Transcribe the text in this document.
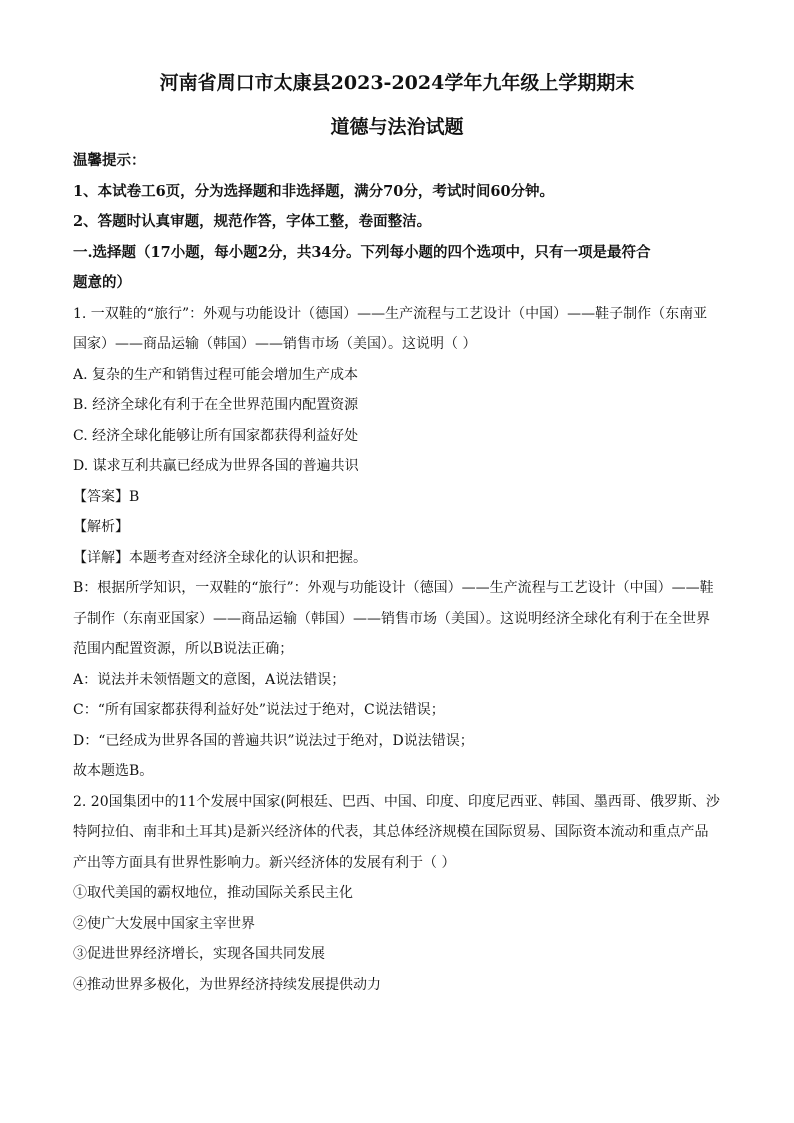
河南省周口市太康县2023-2024学年九年级上学期期末
道德与法治试题
温馨提示：
1、本试卷工6页，分为选择题和非选择题，满分70分，考试时间60分钟。
2、答题时认真审题，规范作答，字体工整，卷面整洁。
一.选择题（17小题，每小题2分，共34分。下列每小题的四个选项中，只有一项是最符合
题意的）
1. 一双鞋的“旅行”：外观与功能设计（德国）——生产流程与工艺设计（中国）——鞋子制作（东南亚
国家）——商品运输（韩国）——销售市场（美国）。这说明（ ）
A. 复杂的生产和销售过程可能会增加生产成本
B. 经济全球化有利于在全世界范围内配置资源
C. 经济全球化能够让所有国家都获得利益好处
D. 谋求互利共赢已经成为世界各国的普遍共识
【答案】B
【解析】
【详解】本题考查对经济全球化的认识和把握。
B：根据所学知识，一双鞋的“旅行”：外观与功能设计（德国）——生产流程与工艺设计（中国）——鞋
子制作（东南亚国家）——商品运输（韩国）——销售市场（美国）。这说明经济全球化有利于在全世界
范围内配置资源，所以B说法正确；
A：说法并未领悟题文的意图，A说法错误；
C：“所有国家都获得利益好处”说法过于绝对，C说法错误；
D：“已经成为世界各国的普遍共识”说法过于绝对，D说法错误；
故本题选B。
2. 20国集团中的11个发展中国家(阿根廷、巴西、中国、印度、印度尼西亚、韩国、墨西哥、俄罗斯、沙
特阿拉伯、南非和土耳其)是新兴经济体的代表，其总体经济规模在国际贸易、国际资本流动和重点产品
产出等方面具有世界性影响力。新兴经济体的发展有利于（ ）
①取代美国的霸权地位，推动国际关系民主化
②使广大发展中国家主宰世界
③促进世界经济增长，实现各国共同发展
④推动世界多极化，为世界经济持续发展提供动力
